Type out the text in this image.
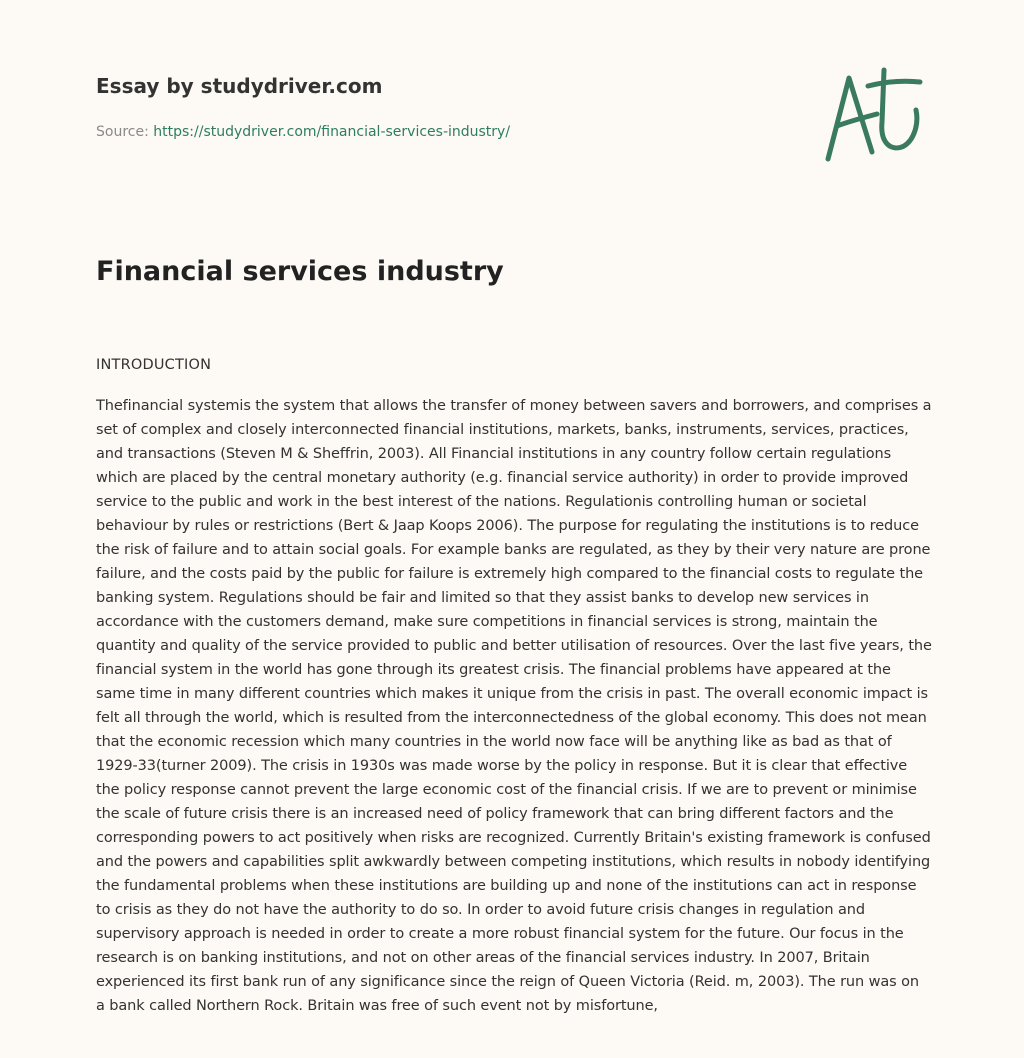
Essay by studydriver.com
Source: https://studydriver.com/financial-services-industry/
Financial services industry
INTRODUCTION

Thefinancial systemis the system that allows the transfer of money between savers and borrowers, and comprises a set of complex and closely interconnected financial institutions, markets, banks, instruments, services, practices, and transactions (Steven M & Sheffrin, 2003). All Financial institutions in any country follow certain regulations which are placed by the central monetary authority (e.g. financial service authority) in order to provide improved service to the public and work in the best interest of the nations. Regulationis controlling human or societal behaviour by rules or restrictions (Bert & Jaap Koops 2006). The purpose for regulating the institutions is to reduce the risk of failure and to attain social goals. For example banks are regulated, as they by their very nature are prone failure, and the costs paid by the public for failure is extremely high compared to the financial costs to regulate the banking system. Regulations should be fair and limited so that they assist banks to develop new services in accordance with the customers demand, make sure competitions in financial services is strong, maintain the quantity and quality of the service provided to public and better utilisation of resources. Over the last five years, the financial system in the world has gone through its greatest crisis. The financial problems have appeared at the same time in many different countries which makes it unique from the crisis in past. The overall economic impact is felt all through the world, which is resulted from the interconnectedness of the global economy. This does not mean that the economic recession which many countries in the world now face will be anything like as bad as that of 1929-33(turner 2009). The crisis in 1930s was made worse by the policy in response. But it is clear that effective the policy response cannot prevent the large economic cost of the financial crisis. If we are to prevent or minimise the scale of future crisis there is an increased need of policy framework that can bring different factors and the corresponding powers to act positively when risks are recognized. Currently Britain's existing framework is confused and the powers and capabilities split awkwardly between competing institutions, which results in nobody identifying the fundamental problems when these institutions are building up and none of the institutions can act in response to crisis as they do not have the authority to do so. In order to avoid future crisis changes in regulation and supervisory approach is needed in order to create a more robust financial system for the future. Our focus in the research is on banking institutions, and not on other areas of the financial services industry. In 2007, Britain experienced its first bank run of any significance since the reign of Queen Victoria (Reid. m, 2003). The run was on a bank called Northern Rock. Britain was free of such event not by misfortune,
